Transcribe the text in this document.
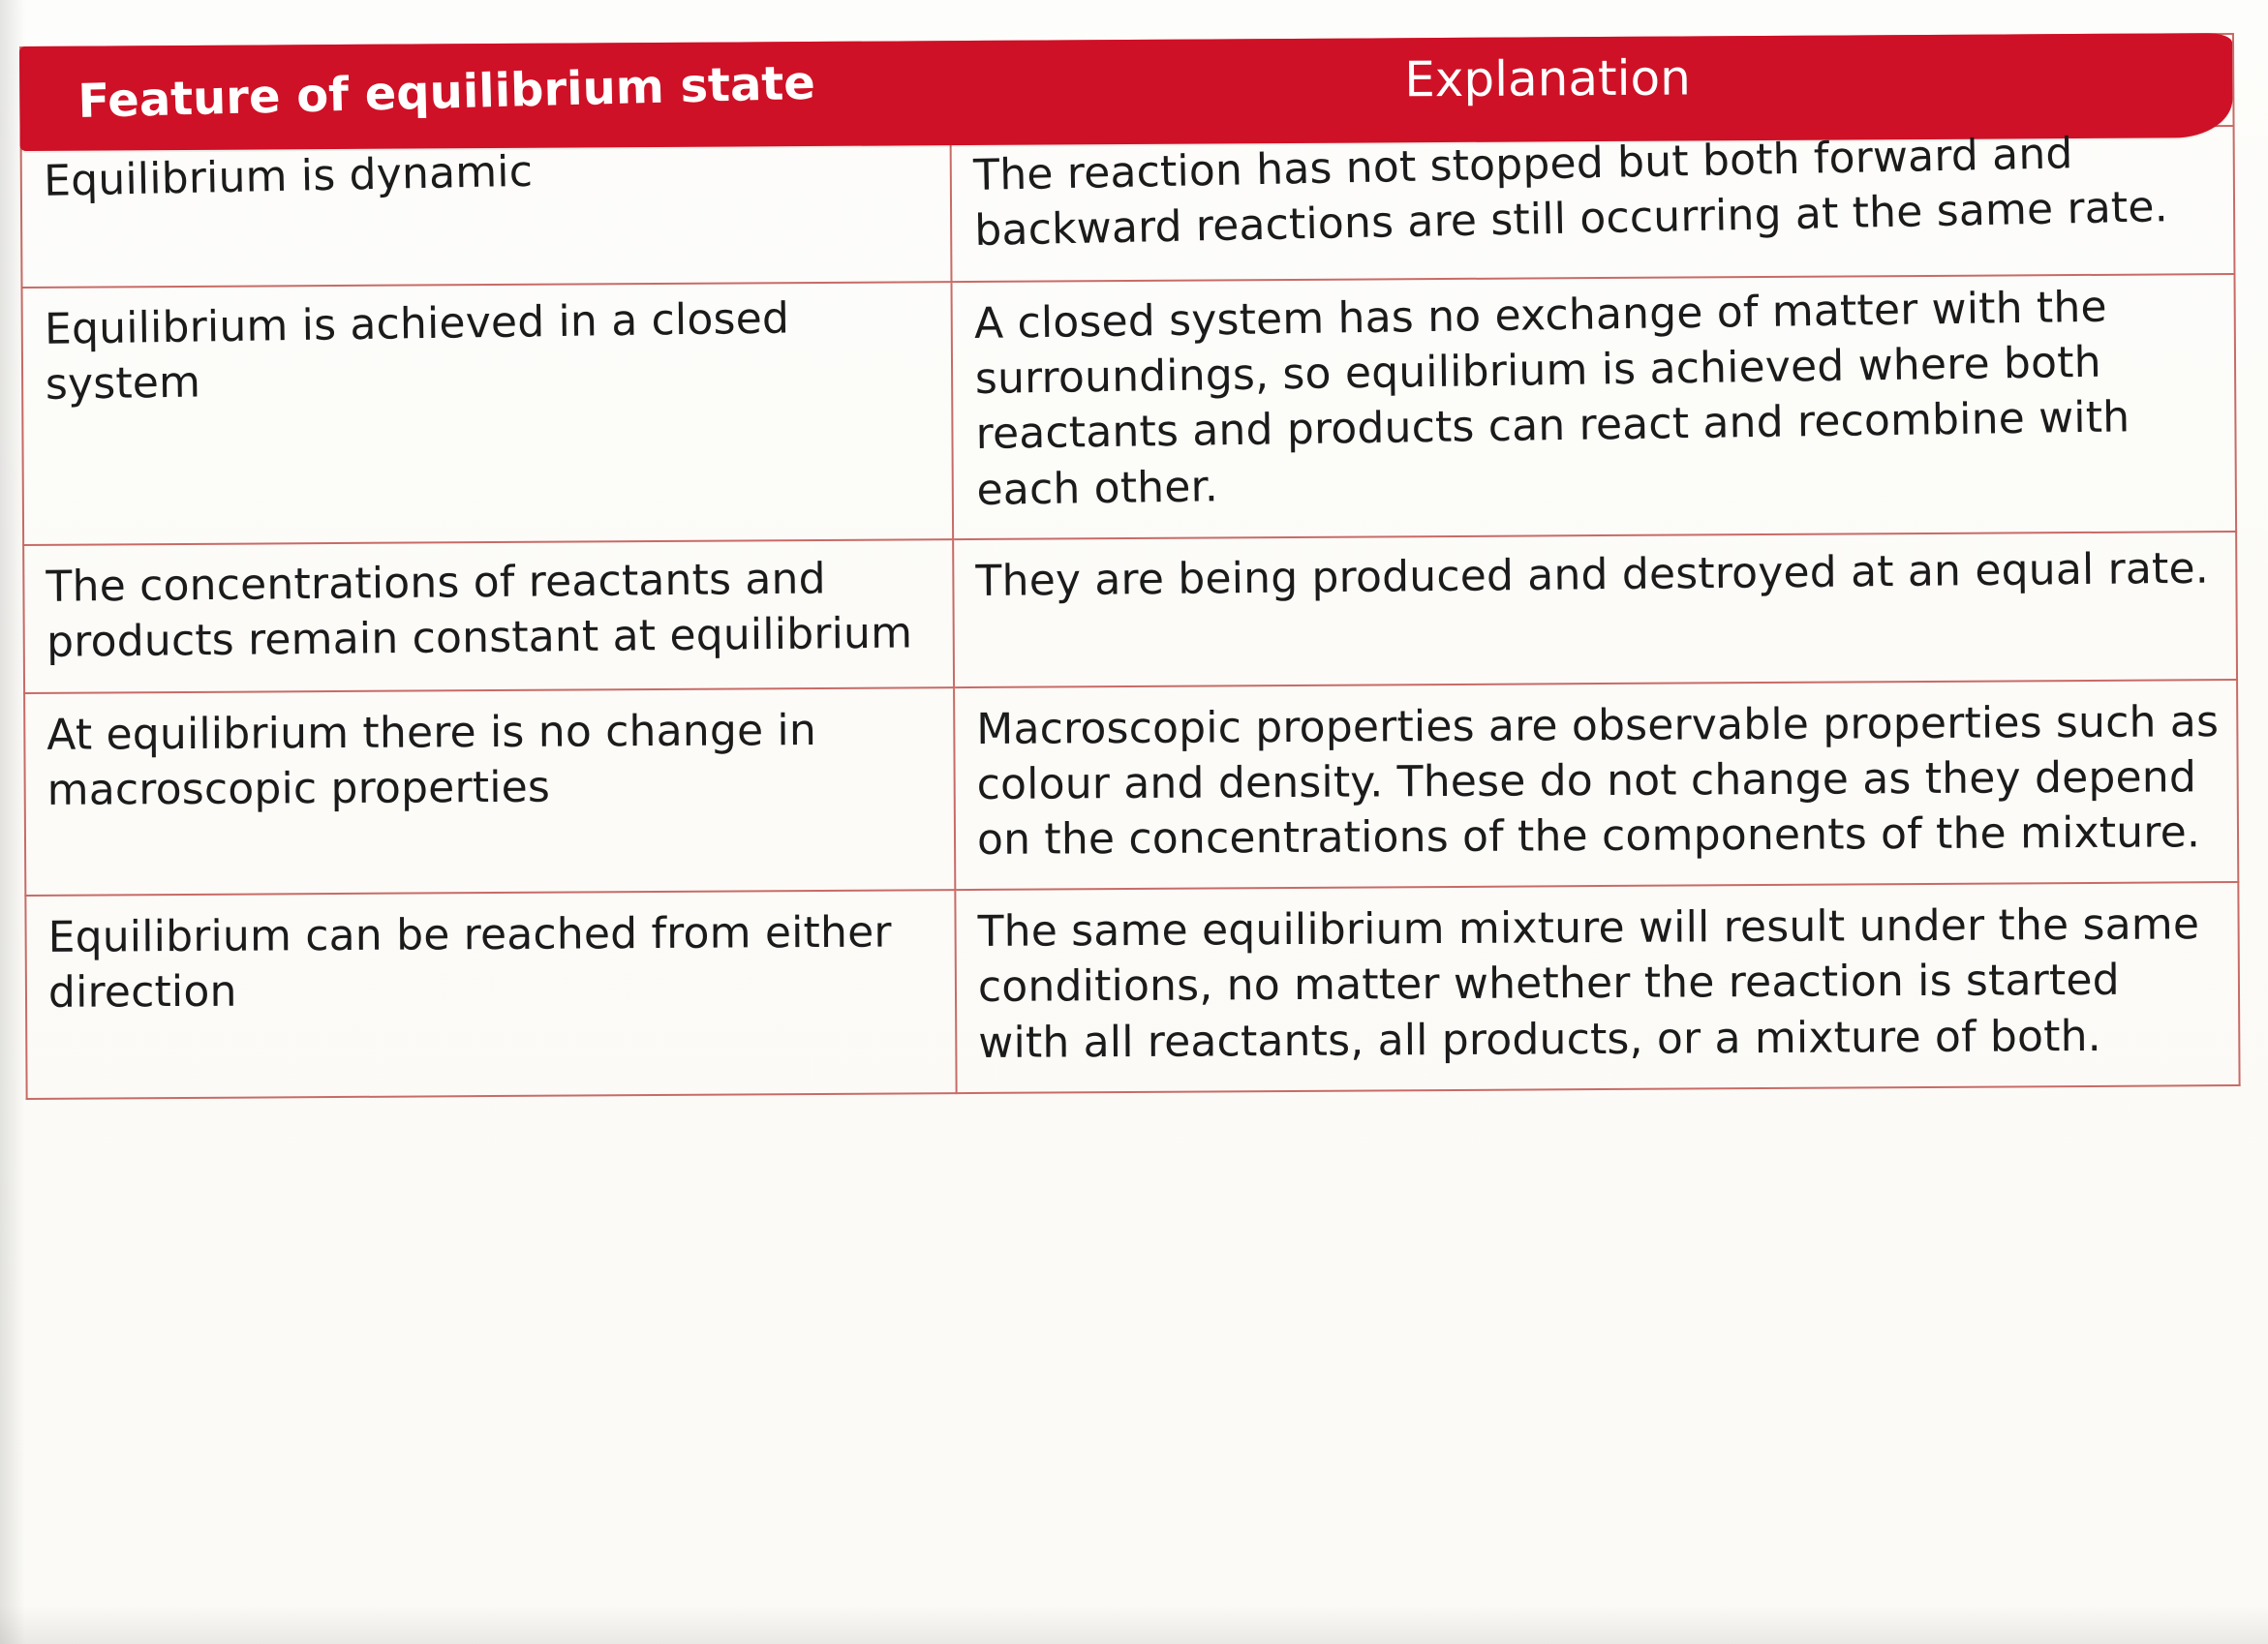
Feature of equilibrium state	Explanation
Equilibrium is dynamic	The reaction has not stopped but both forward and backward reactions are still occurring at the same rate.

Equilibrium is achieved in a closed system	A closed system has no exchange of matter with the surroundings, so equilibrium is achieved where both reactants and products can react and recombine with each other.

The concentrations of reactants and products remain constant at equilibrium	They are being produced and destroyed at an equal rate.

At equilibrium there is no change in macroscopic properties	Macroscopic properties are observable properties such as colour and density. These do not change as they depend on the concentrations of the components of the mixture.

Equilibrium can be reached from either direction	The same equilibrium mixture will result under the same conditions, no matter whether the reaction is started with all reactants, all products, or a mixture of both.
